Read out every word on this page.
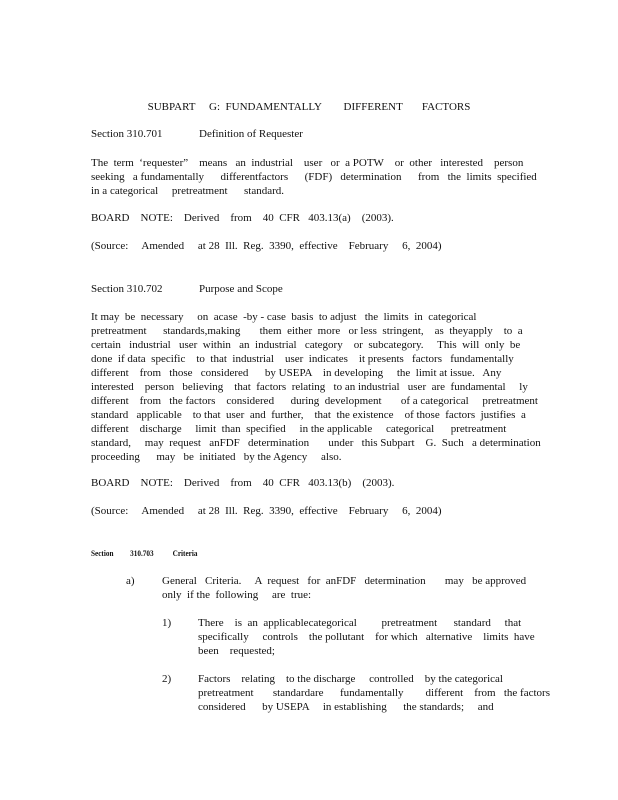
SUBPART     G:  FUNDAMENTALLY        DIFFERENT       FACTORS
Section 310.701	Definition of Requester
The  term  ‘requester”    means   an  industrial    user   or  a POTW    or  other   interested    person
seeking   a fundamentally      differentfactors      (FDF)   determination      from   the  limits  specified
in a categorical     pretreatment      standard.
BOARD    NOTE:    Derived    from    40  CFR   403.13(a)    (2003).
(Source:     Amended     at 28  Ill.  Reg.  3390,  effective    February     6,  2004)
Section 310.702	Purpose and Scope
It may  be  necessary     on  acase  -by - case  basis  to adjust   the  limits  in  categorical
pretreatment      standards,making       them  either  more   or less  stringent,    as  theyapply    to  a
certain   industrial   user  within   an  industrial   category    or  subcategory.     This  will  only  be
done  if data  specific    to  that  industrial    user  indicates    it presents   factors   fundamentally
different    from   those   considered      by USEPA    in developing     the  limit at issue.   Any
interested    person   believing    that  factors  relating   to an industrial   user  are  fundamental     ly
different    from   the factors    considered      during  development       of a categorical     pretreatment
standard   applicable    to that  user  and  further,    that  the existence    of those  factors  justifies  a
different    discharge     limit  than  specified     in the applicable     categorical      pretreatment
standard,     may  request   anFDF   determination       under   this Subpart    G.  Such   a determination
proceeding      may   be  initiated   by the Agency     also.
BOARD    NOTE:    Derived    from    40  CFR   403.13(b)    (2003).
(Source:     Amended     at 28  Ill.  Reg.  3390,  effective    February     6,  2004)
Section 310.703 Criteria
a) General   Criteria.     A  request   for  anFDF   determination       may   be approved
only  if the  following     are  true:
1) There    is  an  applicablecategorical         pretreatment      standard     that
specifically     controls    the pollutant    for which   alternative    limits  have
been    requested;
2) Factors    relating    to the discharge     controlled    by the categorical
pretreatment       standardare      fundamentally        different    from   the factors
considered      by USEPA     in establishing      the standards;     and
